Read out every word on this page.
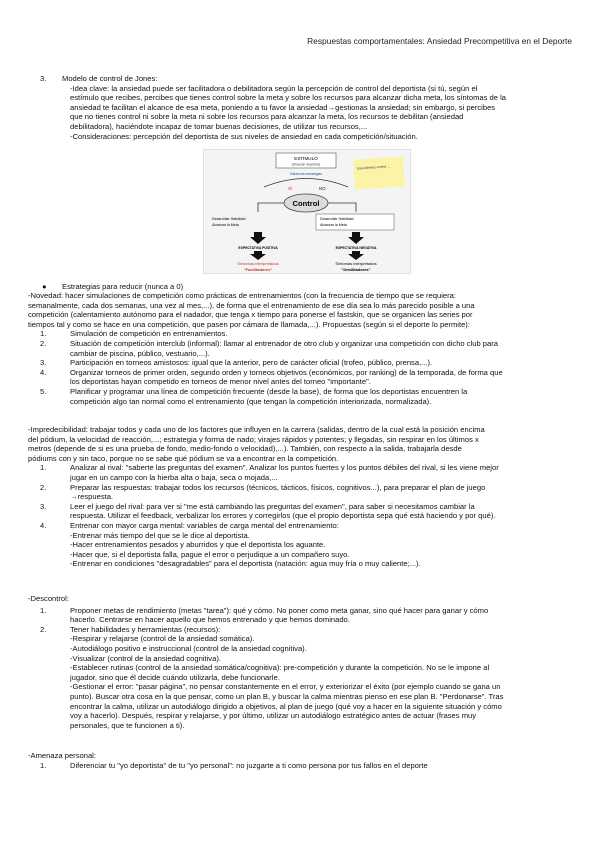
Respuestas comportamentales: Ansiedad Precompetitiva en el Deporte

3. Modelo de control de Jones:

-Idea clave: la ansiedad puede ser facilitadora o debilitadora según la percepción de control del deportista (si tú, según el

estímulo que recibes, percibes que tienes control sobre la meta y sobre los recursos para alcanzar dicha meta, los síntomas de la

ansiedad te facilitan el alcance de esa meta, poniendo a tu favor la ansiedad→gestionas la ansiedad; sin embargo, si percibes

que no tienes control ni sobre la meta ni sobre los recursos para alcanzar la meta, los recursos te debilitan (ansiedad

debilitadora), haciéndote incapaz de tomar buenas decisiones, de utilizar tus recursos,...

-Consideraciones: percepción del deportista de sus niveles de ansiedad en cada competición/situación.

ESTÍMULO
(situación deportiva)
Influencia estrategias
Si percibimos control ...
Sí	NO
Control
Desarrollar Habilidad
Alcanzar la Meta
Desarrollar Habilidad
Alcanzar la Meta
EXPECTATIVA POSITIVA	EXPECTATIVA NEGATIVA
Síntomas interpretados
"Facilitadores"
Síntomas interpretados
"Debilitadores"

● Estrategias para reducir (nunca a 0)

-Novedad: hacer simulaciones de competición como prácticas de entrenamientos (con la frecuencia de tiempo que se requiera:

semanalmente, cada dos semanas, una vez al mes,...), de forma que el entrenamiento de ese día sea lo más parecido posible a una

competición (calentamiento autónomo para el nadador, que tenga x tiempo para ponerse el fastskin, que se organicen las series por

tiempos tal y como se hace en una competición, que pasen por cámara de llamada,...). Propuestas (según si el deporte lo permite):

1.	Simulación de competición en entrenamientos.

2.	Situación de competición interclub (informal): llamar al entrenador de otro club y organizar una competición con dicho club para

cambiar de piscina, público, vestuario,...).

3.	Participación en torneos amistosos: igual que la anterior, pero de carácter oficial (trofeo, público, prensa,...).

4.	Organizar torneos de primer orden, segundo orden y torneos objetivos (económicos, por ranking) de la temporada, de forma que

los deportistas hayan competido en torneos de menor nivel antes del torneo "importante".

5.	Planificar y programar una línea de competición frecuente (desde la base), de forma que los deportistas encuentren la

competición algo tan normal como el entrenamiento (que tengan la competición interiorizada, normalizada).

-Impredecibilidad: trabajar todos y cada uno de los factores que influyen en la carrera (salidas, dentro de la cual está la posición encima

del pódium, la velocidad de reacción,...; estrategia y forma de nado; virajes rápidos y potentes; y llegadas, sin respirar en los últimos x

metros (depende de si es una prueba de fondo, medio-fondo o velocidad),...). También, con respecto a la salida, trabajarla desde

pódiums con y sin taco, porque no se sabe qué pódium se va a encontrar en la competición.

1.	Analizar al rival: "saberte las preguntas del examen". Analizar los puntos fuertes y los puntos débiles del rival, si les viene mejor

jugar en un campo con la hierba alta o baja, seca o mojada,...

2.	Preparar las respuestas: trabajar todos los recursos (técnicos, tácticos, físicos, cognitivos...), para preparar el plan de juego

→respuesta.

3.	Leer el juego del rival: para ver si "me está cambiando las preguntas del examen", para saber si necesitamos cambiar la

respuesta. Utilizar el feedback, verbalizar los errores y corregirlos (que el propio deportista sepa qué está haciendo y por qué).

4.	Entrenar con mayor carga mental: variables de carga mental del entrenamiento:

-Entrenar más tiempo del que se le dice al deportista.

-Hacer entrenamientos pesados y aburridos y que el deportista los aguante.

-Hacer que, si el deportista falla, pague el error o perjudique a un compañero suyo.

-Entrenar en condiciones "desagradables" para el deportista (natación: agua muy fría o muy caliente;...).

-Descontrol:

1.	Proponer metas de rendimiento (metas "tarea"): qué y cómo. No poner como meta ganar, sino qué hacer para ganar y cómo

hacerlo. Centrarse en hacer aquello que hemos entrenado y que hemos dominado.

2.	Tener habilidades y herramientas (recursos):

-Respirar y relajarse (control de la ansiedad somática).

-Autodiálogo positivo e instruccional (control de la ansiedad cognitiva).

-Visualizar (control de la ansiedad cognitiva).

-Establecer rutinas (control de la ansiedad somática/cognitiva): pre-competición y durante la competición. No se le impone al

jugador, sino que él decide cuándo utilizarla, debe funcionarle.

-Gestionar el error: "pasar página", no pensar constantemente en el error, y exteriorizar el éxito (por ejemplo cuando se gana un

punto). Buscar otra cosa en la que pensar, como un plan B, y buscar la calma mientras pienso en ese plan B. "Perdonarse". Tras

encontrar la calma, utilizar un autodiálogo dirigido a objetivos, al plan de juego (qué voy a hacer en la siguiente situación y cómo

voy a hacerlo). Después, respirar y relajarse, y por último, utilizar un autodiálogo estratégico antes de actuar (frases muy

personales, que te funcionen a ti).

-Amenaza personal:

1.	Diferenciar tu "yo deportista" de tu "yo personal": no juzgarte a ti como persona por tus fallos en el deporte
